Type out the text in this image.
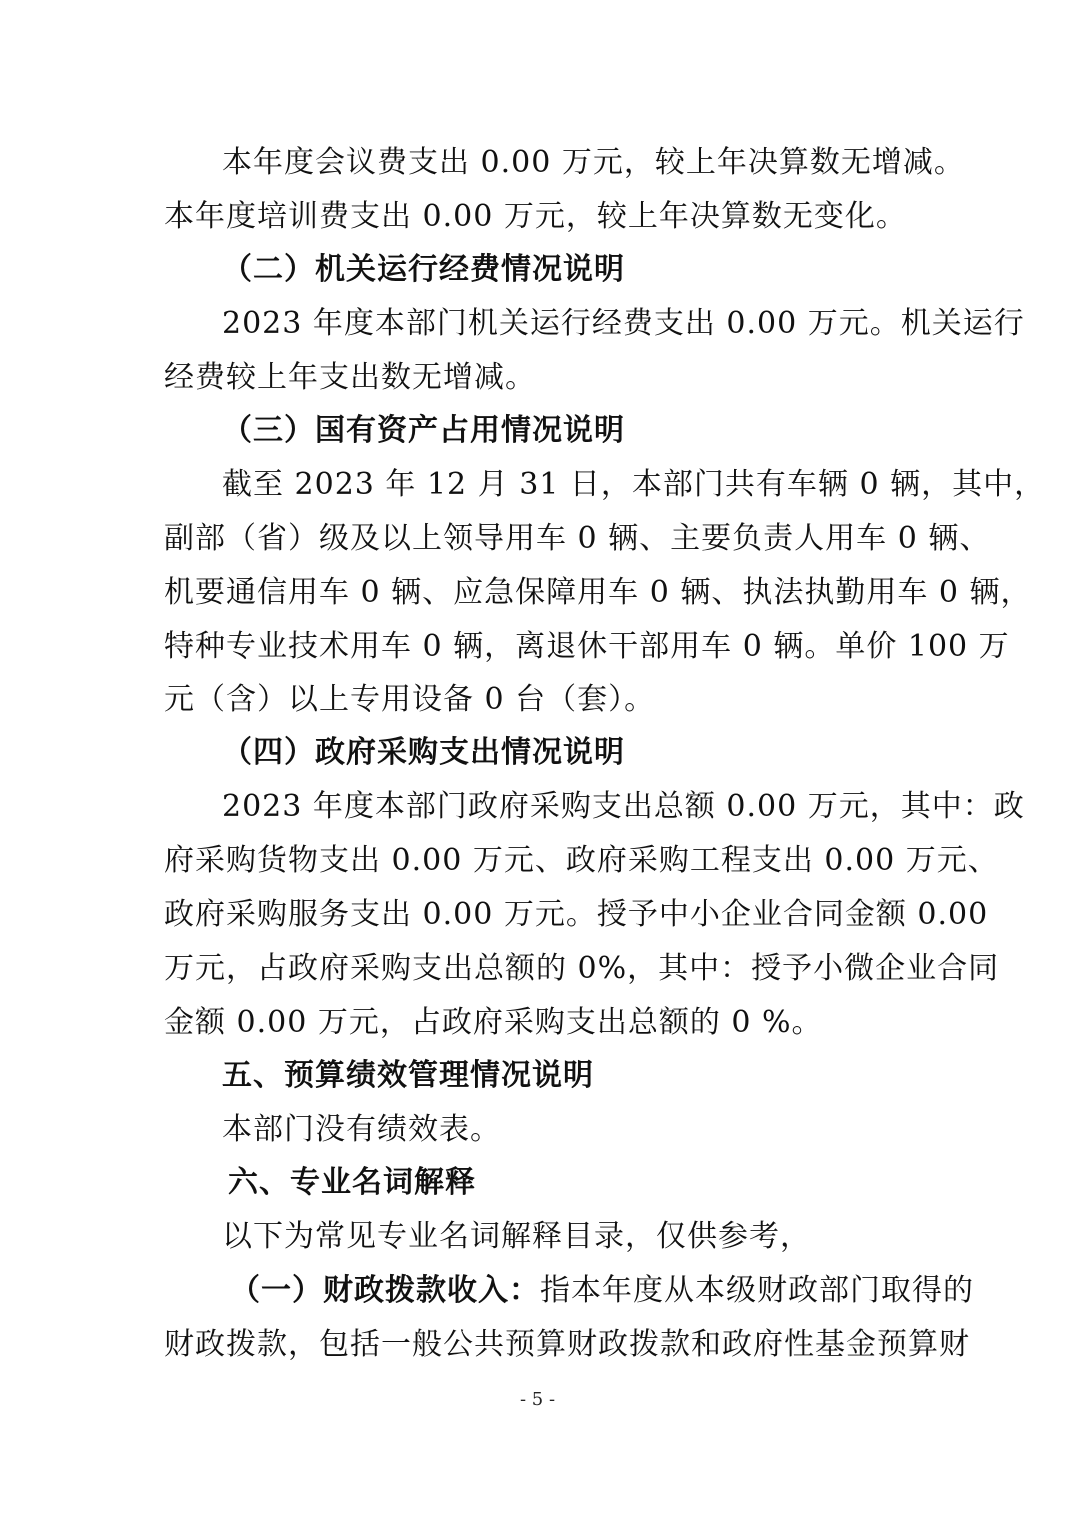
本年度会议费支出 0.00 万元，较上年决算数无增减。
本年度培训费支出 0.00 万元，较上年决算数无变化。
（二）机关运行经费情况说明
2023 年度本部门机关运行经费支出 0.00 万元。机关运行
经费较上年支出数无增减。
（三）国有资产占用情况说明
截至 2023 年 12 月 31 日，本部门共有车辆 0 辆，其中，
副部（省）级及以上领导用车 0 辆、主要负责人用车 0 辆、
机要通信用车 0 辆、应急保障用车 0 辆、执法执勤用车 0 辆，
特种专业技术用车 0 辆，离退休干部用车 0 辆。单价 100 万
元（含）以上专用设备 0 台（套）。
（四）政府采购支出情况说明
2023 年度本部门政府采购支出总额 0.00 万元，其中：政
府采购货物支出 0.00 万元、政府采购工程支出 0.00 万元、
政府采购服务支出 0.00 万元。授予中小企业合同金额 0.00
万元，占政府采购支出总额的 0%，其中：授予小微企业合同
金额 0.00 万元，占政府采购支出总额的 0 %。
五、预算绩效管理情况说明
本部门没有绩效表。
六、专业名词解释
以下为常见专业名词解释目录，仅供参考，
（一）财政拨款收入：指本年度从本级财政部门取得的
财政拨款，包括一般公共预算财政拨款和政府性基金预算财
- 5 -
